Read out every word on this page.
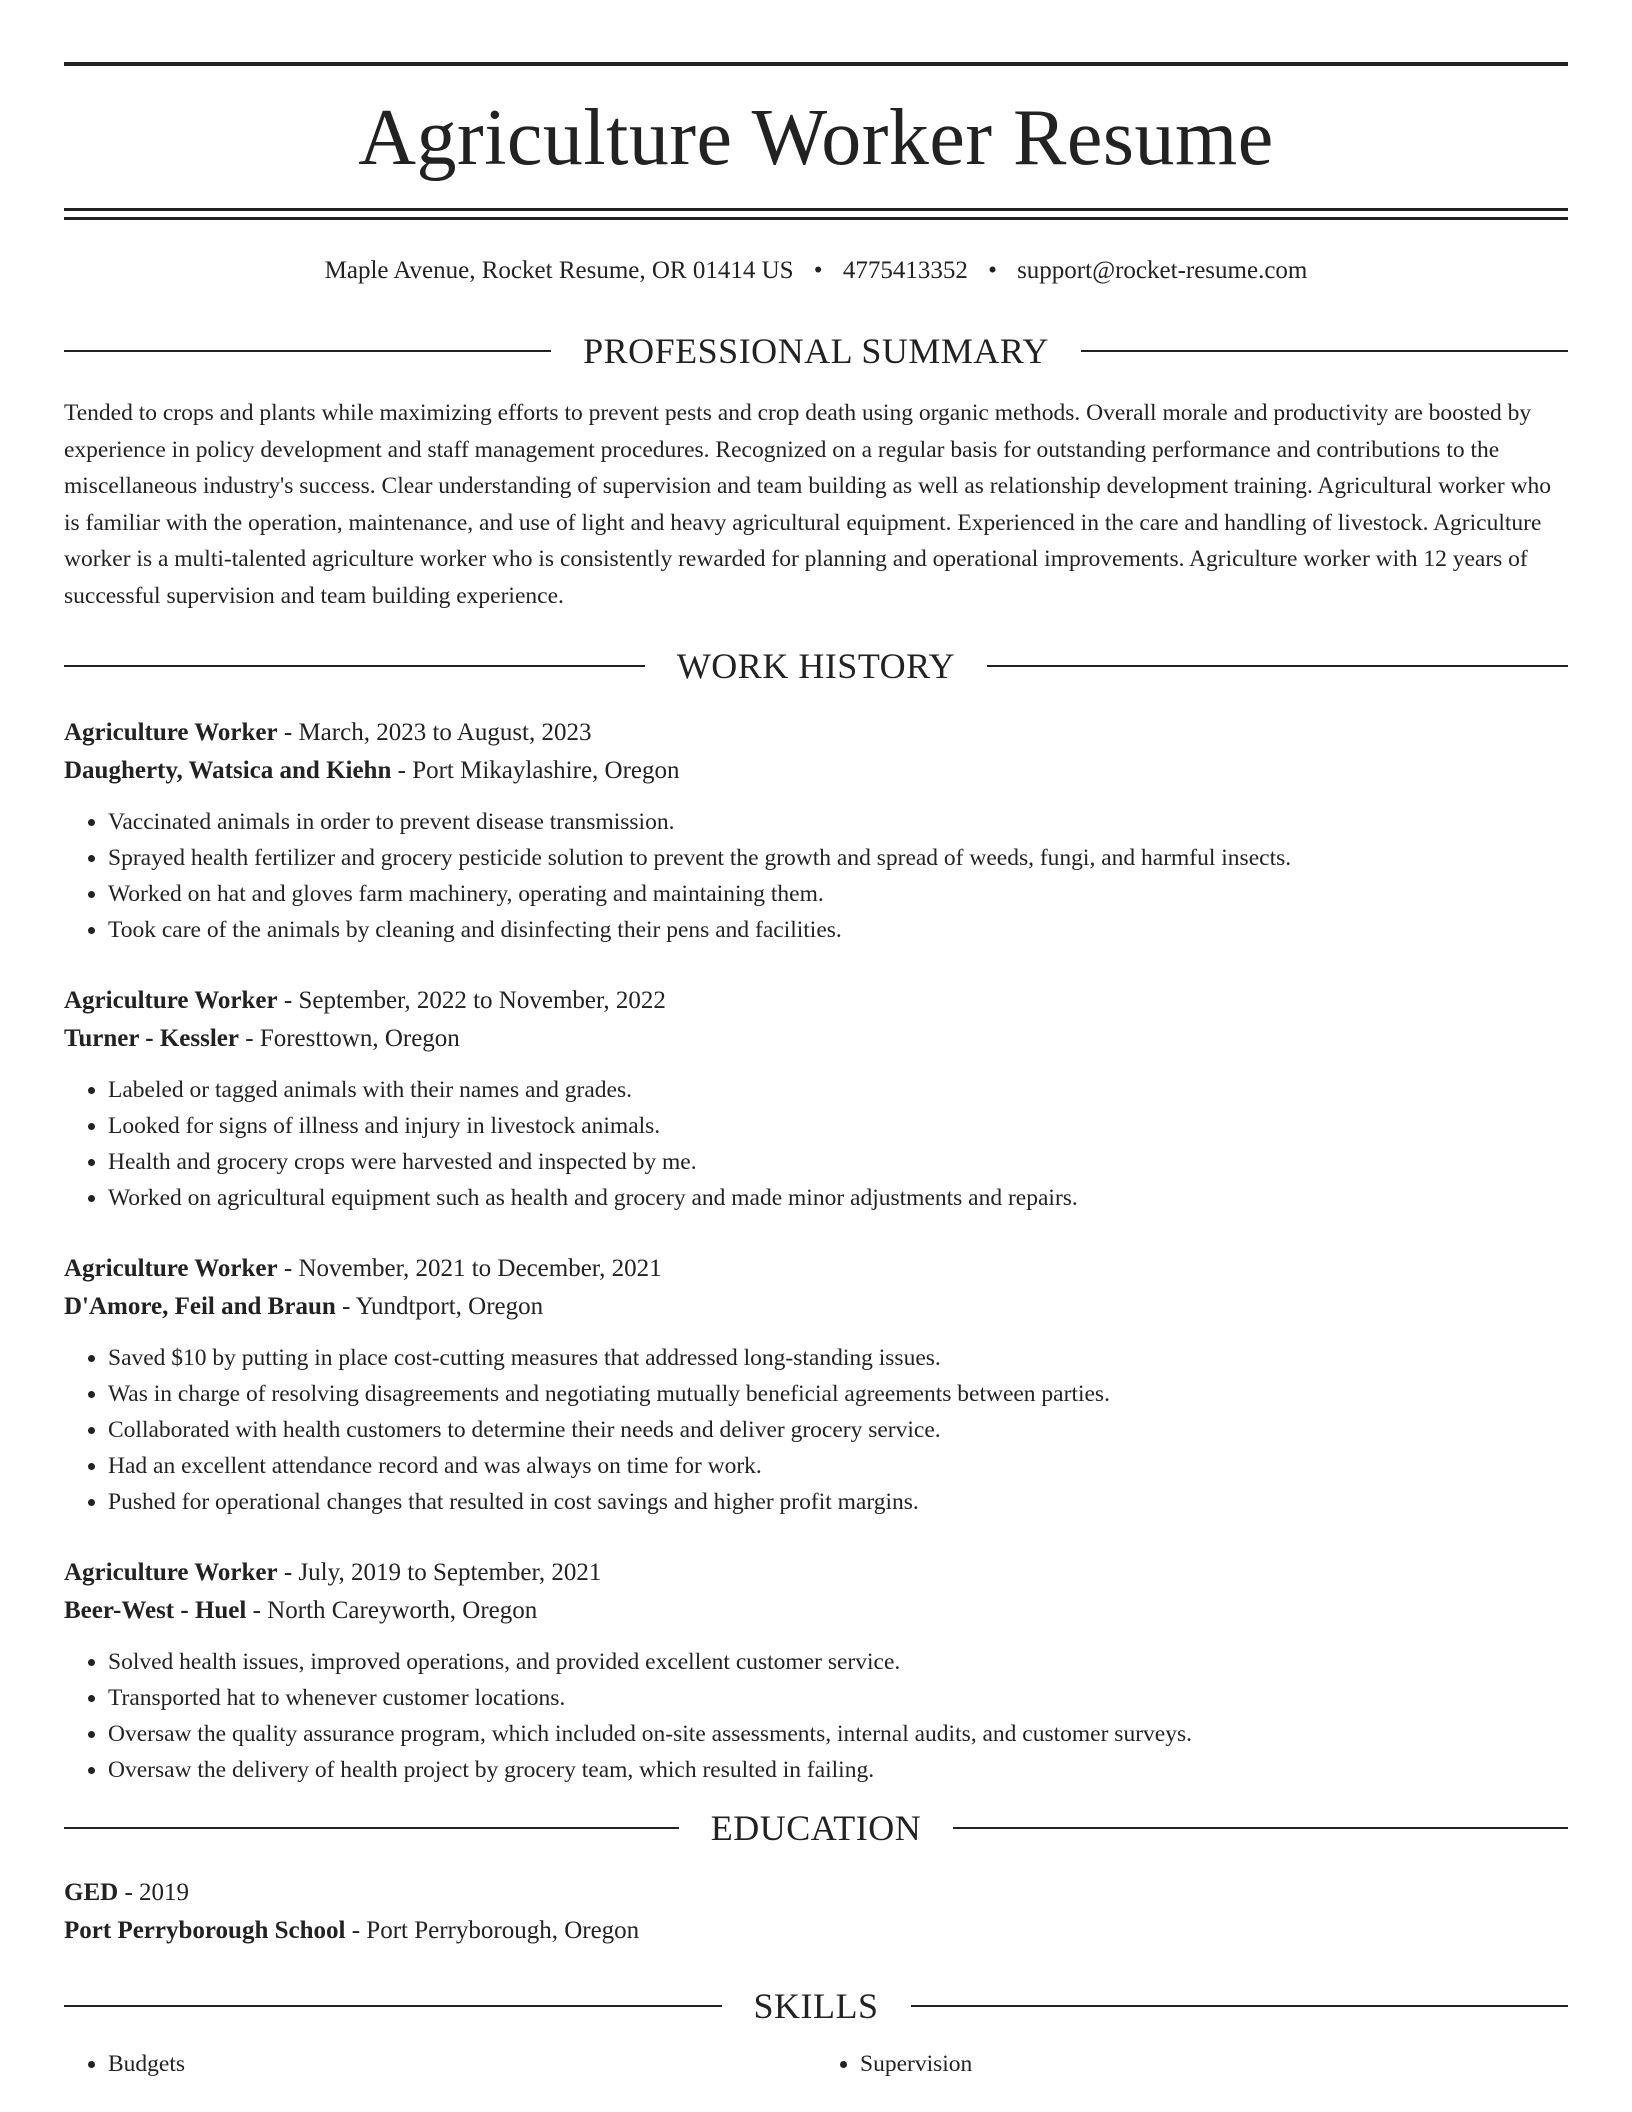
Agriculture Worker Resume
Maple Avenue, Rocket Resume, OR 01414 US • 4775413352 • support@rocket-resume.com
PROFESSIONAL SUMMARY

Tended to crops and plants while maximizing efforts to prevent pests and crop death using organic methods. Overall morale and productivity are boosted by experience in policy development and staff management procedures. Recognized on a regular basis for outstanding performance and contributions to the miscellaneous industry's success. Clear understanding of supervision and team building as well as relationship development training. Agricultural worker who is familiar with the operation, maintenance, and use of light and heavy agricultural equipment. Experienced in the care and handling of livestock. Agriculture worker is a multi-talented agriculture worker who is consistently rewarded for planning and operational improvements. Agriculture worker with 12 years of successful supervision and team building experience.

WORK HISTORY
Agriculture Worker - March, 2023 to August, 2023
Daugherty, Watsica and Kiehn - Port Mikaylashire, Oregon
• Vaccinated animals in order to prevent disease transmission.
• Sprayed health fertilizer and grocery pesticide solution to prevent the growth and spread of weeds, fungi, and harmful insects.
• Worked on hat and gloves farm machinery, operating and maintaining them.
• Took care of the animals by cleaning and disinfecting their pens and facilities.
Agriculture Worker - September, 2022 to November, 2022
Turner - Kessler - Foresttown, Oregon
• Labeled or tagged animals with their names and grades.
• Looked for signs of illness and injury in livestock animals.
• Health and grocery crops were harvested and inspected by me.
• Worked on agricultural equipment such as health and grocery and made minor adjustments and repairs.
Agriculture Worker - November, 2021 to December, 2021
D'Amore, Feil and Braun - Yundtport, Oregon
• Saved $10 by putting in place cost-cutting measures that addressed long-standing issues.
• Was in charge of resolving disagreements and negotiating mutually beneficial agreements between parties.
• Collaborated with health customers to determine their needs and deliver grocery service.
• Had an excellent attendance record and was always on time for work.
• Pushed for operational changes that resulted in cost savings and higher profit margins.
Agriculture Worker - July, 2019 to September, 2021
Beer-West - Huel - North Careyworth, Oregon
• Solved health issues, improved operations, and provided excellent customer service.
• Transported hat to whenever customer locations.
• Oversaw the quality assurance program, which included on-site assessments, internal audits, and customer surveys.
• Oversaw the delivery of health project by grocery team, which resulted in failing.
EDUCATION
GED - 2019
Port Perryborough School - Port Perryborough, Oregon
SKILLS
• Budgets
•	Supervision
